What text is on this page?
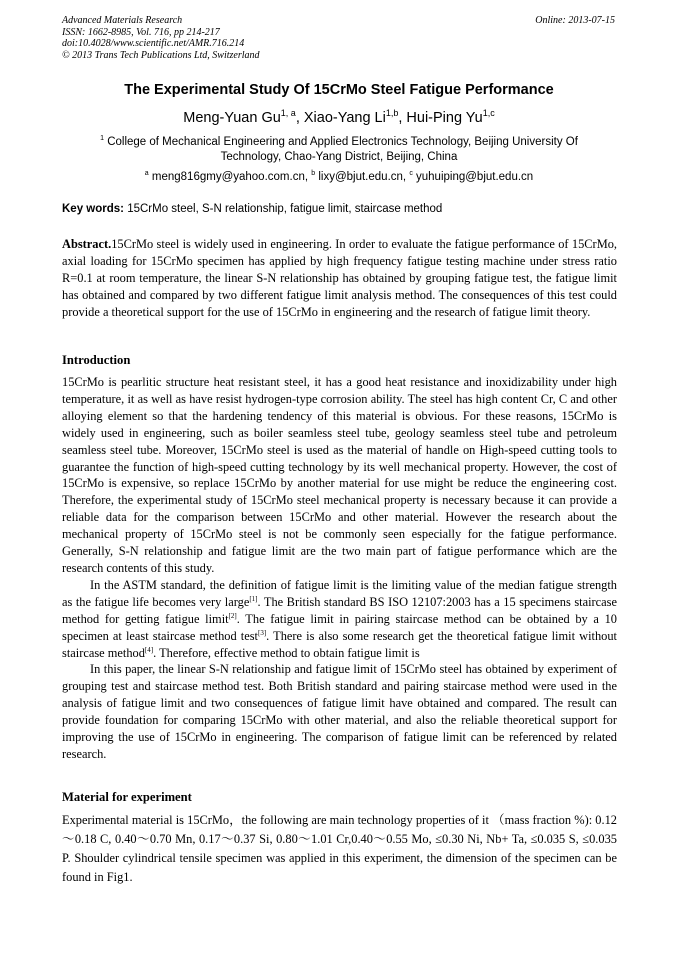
Advanced Materials Research
ISSN: 1662-8985, Vol. 716, pp 214-217
doi:10.4028/www.scientific.net/AMR.716.214
© 2013 Trans Tech Publications Ltd, Switzerland
Online: 2013-07-15
The Experimental Study Of 15CrMo Steel Fatigue Performance
Meng-Yuan Gu$^{1, a}$, Xiao-Yang Li$^{1,b}$, Hui-Ping Yu$^{1,c}$
$^1$ College of Mechanical Engineering and Applied Electronics Technology, Beijing University Of
Technology, Chao-Yang District, Beijing, China
$^a$ meng816gmy@yahoo.com.cn, $^b$ lixy@bjut.edu.cn, $^c$ yuhuiping@bjut.edu.cn
Key words: 15CrMo steel, S-N relationship, fatigue limit, staircase method
Abstract.15CrMo steel is widely used in engineering. In order to evaluate the fatigue performance of 15CrMo, axial loading for 15CrMo specimen has applied by high frequency fatigue testing machine under stress ratio R=0.1 at room temperature, the linear S-N relationship has obtained by grouping fatigue test, the fatigue limit has obtained and compared by two different fatigue limit analysis method. The consequences of this test could provide a theoretical support for the use of 15CrMo in engineering and the research of fatigue limit theory.
Introduction

15CrMo is pearlitic structure heat resistant steel, it has a good heat resistance and inoxidizability under high temperature, it as well as have resist hydrogen-type corrosion ability. The steel has high content Cr, C and other alloying element so that the hardening tendency of this material is obvious. For these reasons, 15CrMo is widely used in engineering, such as boiler seamless steel tube, geology seamless steel tube and petroleum seamless steel tube. Moreover, 15CrMo steel is used as the material of handle on High-speed cutting tools to guarantee the function of high-speed cutting technology by its well mechanical property. However, the cost of 15CrMo is expensive, so replace 15CrMo by another material for use might be reduce the engineering cost. Therefore, the experimental study of 15CrMo steel mechanical property is necessary because it can provide a reliable data for the comparison between 15CrMo and other material. However the research about the mechanical property of 15CrMo steel is not be commonly seen especially for the fatigue performance. Generally, S-N relationship and fatigue limit are the two main part of fatigue performance which are the research contents of this study.

In the ASTM standard, the definition of fatigue limit is the limiting value of the median fatigue strength as the fatigue life becomes very large[1]. The British standard BS ISO 12107:2003 has a 15 specimens staircase method for getting fatigue limit[2]. The fatigue limit in pairing staircase method can be obtained by a 10 specimen at least staircase method test[3]. There is also some research get the theoretical fatigue limit without staircase method[4]. Therefore, effective method to obtain fatigue limit is

In this paper, the linear S-N relationship and fatigue limit of 15CrMo steel has obtained by experiment of grouping test and staircase method test. Both British standard and pairing staircase method were used in the analysis of fatigue limit and two consequences of fatigue limit have obtained and compared. The result can provide foundation for comparing 15CrMo with other material, and also the reliable theoretical support for improving the use of 15CrMo in engineering. The comparison of fatigue limit can be referenced by related research.

Material for experiment
Experimental material is 15CrMo，the following are main technology properties of it （mass fraction %): 0.12～0.18 C, 0.40～0.70 Mn, 0.17～0.37 Si, 0.80～1.01 Cr,0.40～0.55 Mo, ≤0.30 Ni, Nb+ Ta, ≤0.035 S, ≤0.035 P. Shoulder cylindrical tensile specimen was applied in this experiment, the dimension of the specimen can be found in Fig1.
